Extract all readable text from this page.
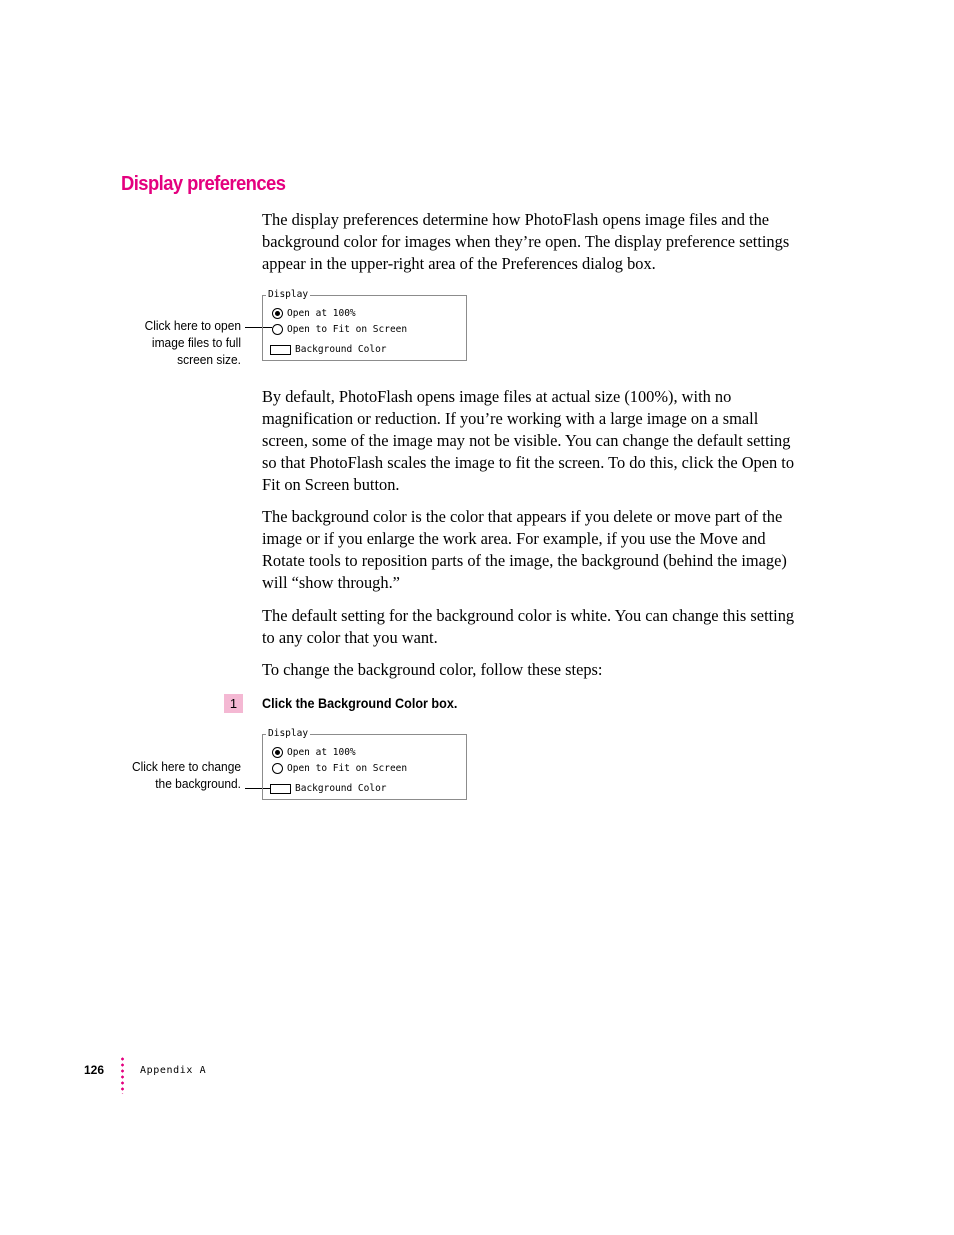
Display preferences

The display preferences determine how PhotoFlash opens image files and the background color for images when they’re open. The display preference settings appear in the upper-right area of the Preferences dialog box.

Click here to open
image files to full
screen size.
Display
Open at 100%
Open to Fit on Screen
Background Color

By default, PhotoFlash opens image files at actual size (100%), with no magnification or reduction. If you’re working with a large image on a small screen, some of the image may not be visible. You can change the default setting so that PhotoFlash scales the image to fit the screen. To do this, click the Open to Fit on Screen button.

The background color is the color that appears if you delete or move part of the image or if you enlarge the work area. For example, if you use the Move and Rotate tools to reposition parts of the image, the background (behind the image) will “show through.”

The default setting for the background color is white. You can change this setting to any color that you want.

To change the background color, follow these steps:

1	Click the Background Color box.
Click here to change
the background.
Display
Open at 100%
Open to Fit on Screen
Background Color
126	Appendix A
